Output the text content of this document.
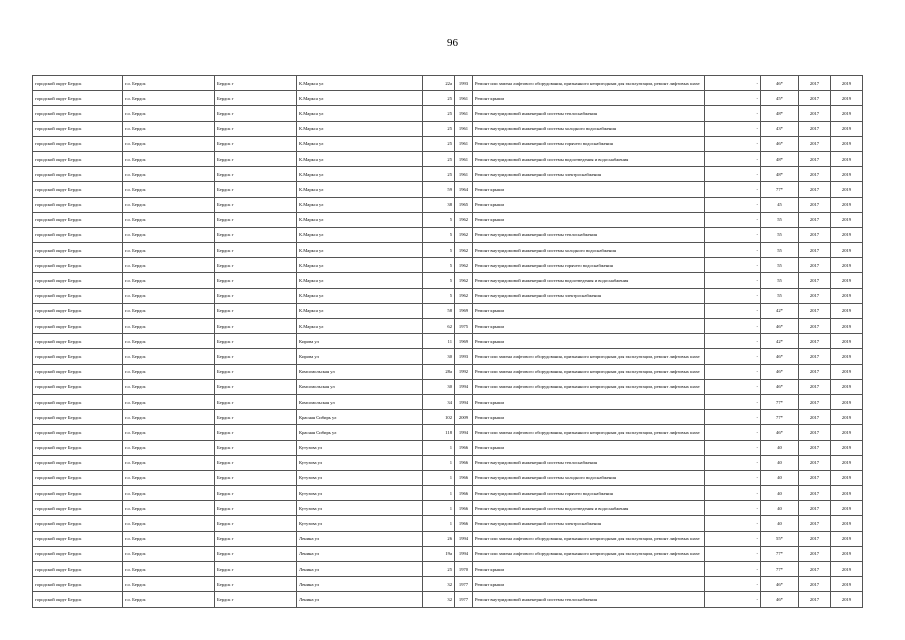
96
городской округ Бердск	г.о. Бердск	Бердск г	К.Маркса ул	22а	1993	Ремонт или замена лифтового оборудования, признанного непригодным для эксплуатации, ремонт лифтовых шахт	-	46*	2017	2019
городской округ Бердск	г.о. Бердск	Бердск г	К.Маркса ул	25	1961	Ремонт крыши	-	45*	2017	2019
городской округ Бердск	г.о. Бердск	Бердск г	К.Маркса ул	25	1961	Ремонт внутридомовой инженерной системы теплоснабжения	-	48*	2017	2019
городской округ Бердск	г.о. Бердск	Бердск г	К.Маркса ул	25	1961	Ремонт внутридомовой инженерной системы холодного водоснабжения	-	43*	2017	2019
городской округ Бердск	г.о. Бердск	Бердск г	К.Маркса ул	25	1961	Ремонт внутридомовой инженерной системы горячего водоснабжения	-	46*	2017	2019
городской округ Бердск	г.о. Бердск	Бердск г	К.Маркса ул	25	1961	Ремонт внутридомовой инженерной системы водоотведения и водоснабжения	-	48*	2017	2019
городской округ Бердск	г.о. Бердск	Бердск г	К.Маркса ул	25	1961	Ремонт внутридомовой инженерной системы электроснабжения	-	48*	2017	2019
городской округ Бердск	г.о. Бердск	Бердск г	К.Маркса ул	59	1964	Ремонт крыши	-	77*	2017	2019
городской округ Бердск	г.о. Бердск	Бердск г	К.Маркса ул	38	1965	Ремонт крыши	-	45	2017	2019
городской округ Бердск	г.о. Бердск	Бердск г	К.Маркса ул	5	1962	Ремонт крыши	-	55	2017	2019
городской округ Бердск	г.о. Бердск	Бердск г	К.Маркса ул	5	1962	Ремонт внутридомовой инженерной системы теплоснабжения	-	55	2017	2019
городской округ Бердск	г.о. Бердск	Бердск г	К.Маркса ул	5	1962	Ремонт внутридомовой инженерной системы холодного водоснабжения	-	55	2017	2019
городской округ Бердск	г.о. Бердск	Бердск г	К.Маркса ул	5	1962	Ремонт внутридомовой инженерной системы горячего водоснабжения	-	55	2017	2019
городской округ Бердск	г.о. Бердск	Бердск г	К.Маркса ул	5	1962	Ремонт внутридомовой инженерной системы водоотведения и водоснабжения	-	55	2017	2019
городской округ Бердск	г.о. Бердск	Бердск г	К.Маркса ул	5	1962	Ремонт внутридомовой инженерной системы электроснабжения	-	55	2017	2019
городской округ Бердск	г.о. Бердск	Бердск г	К.Маркса ул	58	1969	Ремонт крыши	-	42*	2017	2019
городской округ Бердск	г.о. Бердск	Бердск г	К.Маркса ул	62	1975	Ремонт крыши	-	46*	2017	2019
городской округ Бердск	г.о. Бердск	Бердск г	Кирова ул	11	1969	Ремонт крыши	-	42*	2017	2019
городской округ Бердск	г.о. Бердск	Бердск г	Кирова ул	30	1993	Ремонт или замена лифтового оборудования, признанного непригодным для эксплуатации, ремонт лифтовых шахт	-	46*	2017	2019
городской округ Бердск	г.о. Бердск	Бердск г	Комсомольская ул	28а	1992	Ремонт или замена лифтового оборудования, признанного непригодным для эксплуатации, ремонт лифтовых шахт	-	46*	2017	2019
городской округ Бердск	г.о. Бердск	Бердск г	Комсомольская ул	30	1994	Ремонт или замена лифтового оборудования, признанного непригодным для эксплуатации, ремонт лифтовых шахт	-	46*	2017	2019
городской округ Бердск	г.о. Бердск	Бердск г	Комсомольская ул	34	1994	Ремонт крыши	-	77*	2017	2019
городской округ Бердск	г.о. Бердск	Бердск г	Красная Сибирь ул	102	2009	Ремонт крыши	-	77*	2017	2019
городской округ Бердск	г.о. Бердск	Бердск г	Красная Сибирь ул	118	1994	Ремонт или замена лифтового оборудования, признанного непригодным для эксплуатации, ремонт лифтовых шахт	-	46*	2017	2019
городской округ Бердск	г.о. Бердск	Бердск г	Кутузова ул	1	1966	Ремонт крыши	-	40	2017	2019
городской округ Бердск	г.о. Бердск	Бердск г	Кутузова ул	1	1966	Ремонт внутридомовой инженерной системы теплоснабжения	-	40	2017	2019
городской округ Бердск	г.о. Бердск	Бердск г	Кутузова ул	1	1966	Ремонт внутридомовой инженерной системы холодного водоснабжения	-	40	2017	2019
городской округ Бердск	г.о. Бердск	Бердск г	Кутузова ул	1	1966	Ремонт внутридомовой инженерной системы горячего водоснабжения	-	40	2017	2019
городской округ Бердск	г.о. Бердск	Бердск г	Кутузова ул	1	1966	Ремонт внутридомовой инженерной системы водоотведения и водоснабжения	-	40	2017	2019
городской округ Бердск	г.о. Бердск	Бердск г	Кутузова ул	1	1966	Ремонт внутридомовой инженерной системы электроснабжения	-	40	2017	2019
городской округ Бердск	г.о. Бердск	Бердск г	Ленина ул	26	1994	Ремонт или замена лифтового оборудования, признанного непригодным для эксплуатации, ремонт лифтовых шахт	-	55*	2017	2019
городской округ Бердск	г.о. Бердск	Бердск г	Ленина ул	19а	1994	Ремонт или замена лифтового оборудования, признанного непригодным для эксплуатации, ремонт лифтовых шахт	-	77*	2017	2019
городской округ Бердск	г.о. Бердск	Бердск г	Ленина ул	25	1970	Ремонт крыши	-	77*	2017	2019
городской округ Бердск	г.о. Бердск	Бердск г	Ленина ул	32	1977	Ремонт крыши	-	46*	2017	2019
городской округ Бердск	г.о. Бердск	Бердск г	Ленина ул	32	1977	Ремонт внутридомовой инженерной системы теплоснабжения	-	46*	2017	2019
